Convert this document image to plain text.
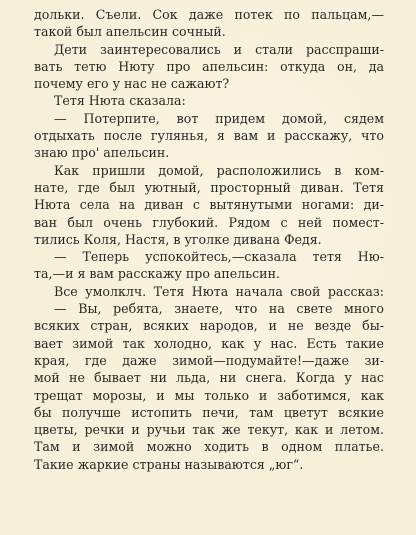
дольки. Съели. Сок даже потек по пальцам,—
такой был апельсин сочный.
Дети заинтересовались и стали расспраши-
вать тетю Нюту про апельсин: откуда он, да
почему его у нас не сажают?
Тетя Нюта сказала:
— Потерпите, вот придем домой, сядем
отдыхать после гулянья, я вам и расскажу, что
знаю про' апельсин.
Как пришли домой, расположились в ком-
нате, где был уютный, просторный диван. Тетя
Нюта села на диван с вытянутыми ногами: ди-
ван был очень глубокий. Рядом с ней помест-
тились Коля, Настя, в уголке дивана Федя.
— Теперь успокойтесь,—сказала тетя Ню-
та,—и я вам расскажу про апельсин.
Все умолклч. Тетя Нюта начала свой рассказ:
— Вы, ребята, знаете, что на свете много
всяких стран, всяких народов, и не везде бы-
вает зимой так холодно, как у нас. Есть такие
края, где даже зимой—подумайте!—даже зи-
мой не бывает ни льда, ни снега. Когда у нас
трещат морозы, и мы только и заботимся, как
бы получше истопить печи, там цветут всякие
цветы, речки и ручьи так же текут, как и летом.
Там и зимой можно ходить в одном платье.
Такие жаркие страны называются „юг“.
